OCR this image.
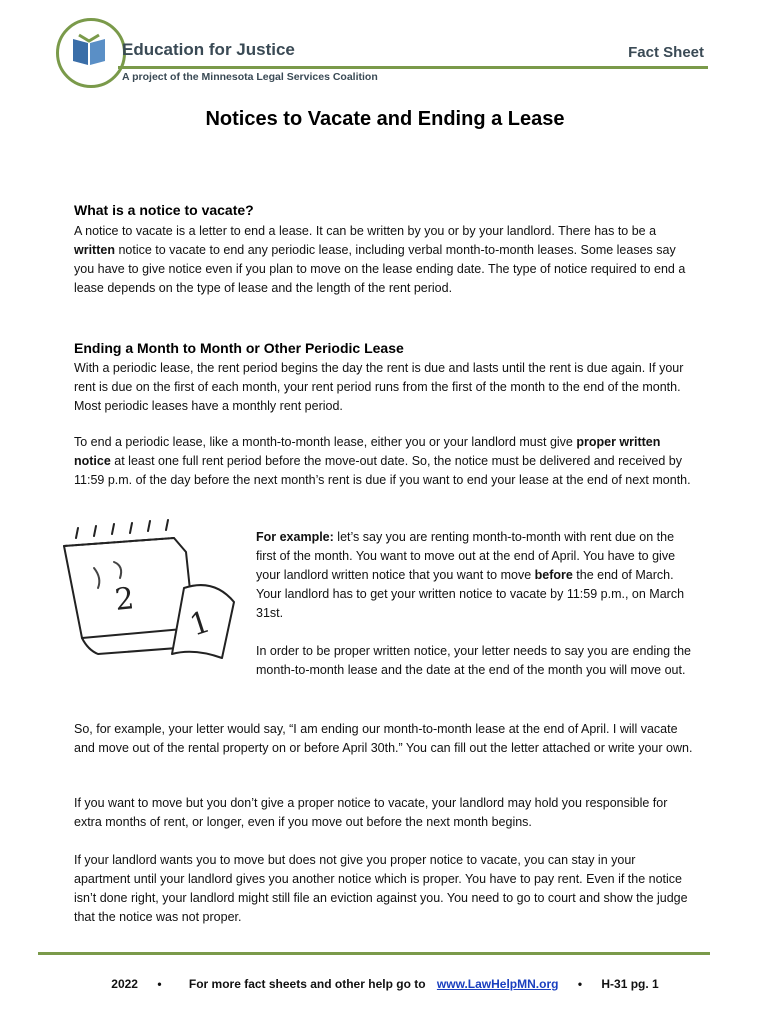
Education for Justice	Fact Sheet
A project of the Minnesota Legal Services Coalition
Notices to Vacate and Ending a Lease
What is a notice to vacate?

A notice to vacate is a letter to end a lease. It can be written by you or by your landlord. There has to be a written notice to vacate to end any periodic lease, including verbal month-to-month leases. Some leases say you have to give notice even if you plan to move on the lease ending date. The type of notice required to end a lease depends on the type of lease and the length of the rent period.

Ending a Month to Month or Other Periodic Lease

With a periodic lease, the rent period begins the day the rent is due and lasts until the rent is due again. If your rent is due on the first of each month, your rent period runs from the first of the month to the end of the month. Most periodic leases have a monthly rent period.

To end a periodic lease, like a month-to-month lease, either you or your landlord must give proper written notice at least one full rent period before the move-out date. So, the notice must be delivered and received by 11:59 p.m. of the day before the next month’s rent is due if you want to end your lease at the end of next month.

2
1

For example: let’s say you are renting month-to-month with rent due on the first of the month. You want to move out at the end of April. You have to give your landlord written notice that you want to move before the end of March. Your landlord has to get your written notice to vacate by 11:59 p.m., on March 31st.

In order to be proper written notice, your letter needs to say you are ending the month-to-month lease and the date at the end of the month you will move out.

So, for example, your letter would say, “I am ending our month-to-month lease at the end of April. I will vacate and move out of the rental property on or before April 30th.” You can fill out the letter attached or write your own.

If you want to move but you don’t give a proper notice to vacate, your landlord may hold you responsible for extra months of rent, or longer, even if you move out before the next month begins.

If your landlord wants you to move but does not give you proper notice to vacate, you can stay in your apartment until your landlord gives you another notice which is proper. You have to pay rent. Even if the notice isn’t done right, your landlord might still file an eviction against you. You need to go to court and show the judge that the notice was not proper.

2022 • For more fact sheets and other help go to www.LawHelpMN.org • H-31 pg. 1
